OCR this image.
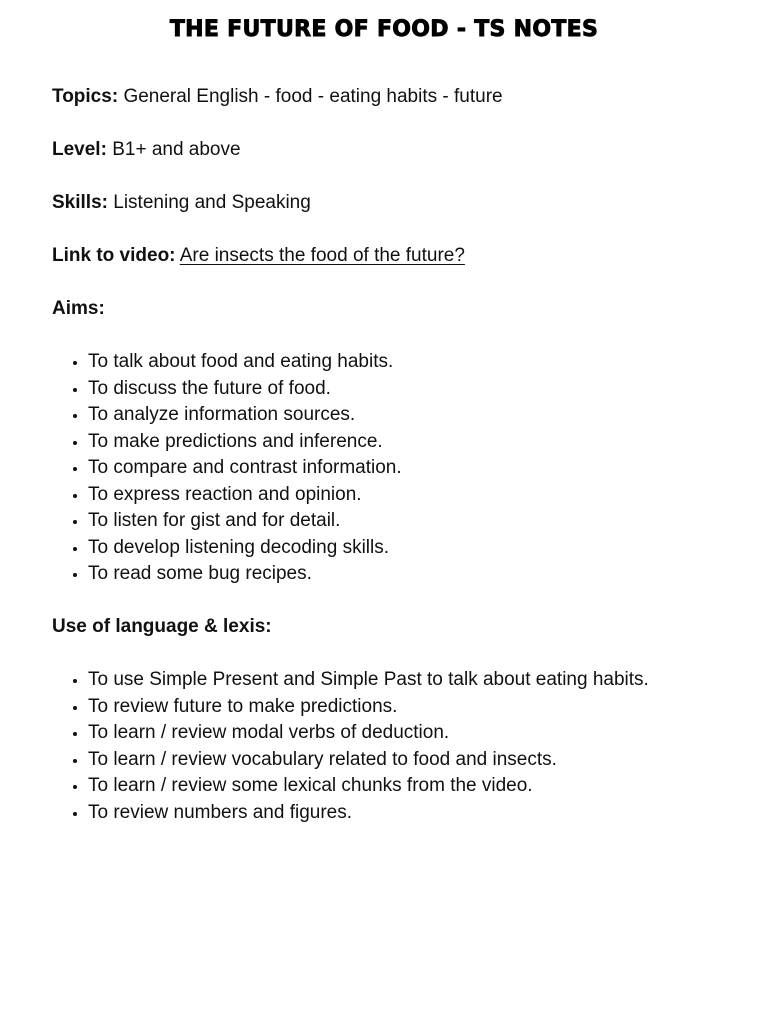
THE FUTURE OF FOOD - TS NOTES

Topics: General English - food - eating habits - future

Level: B1+ and above

Skills: Listening and Speaking

Link to video: Are insects the food of the future?

Aims:

• To talk about food and eating habits.
• To discuss the future of food.
• To analyze information sources.
• To make predictions and inference.
• To compare and contrast information.
• To express reaction and opinion.
• To listen for gist and for detail.
• To develop listening decoding skills.
• To read some bug recipes.

Use of language & lexis:

• To use Simple Present and Simple Past to talk about eating habits.
• To review future to make predictions.
• To learn / review modal verbs of deduction.
• To learn / review vocabulary related to food and insects.
• To learn / review some lexical chunks from the video.
• To review numbers and figures.
